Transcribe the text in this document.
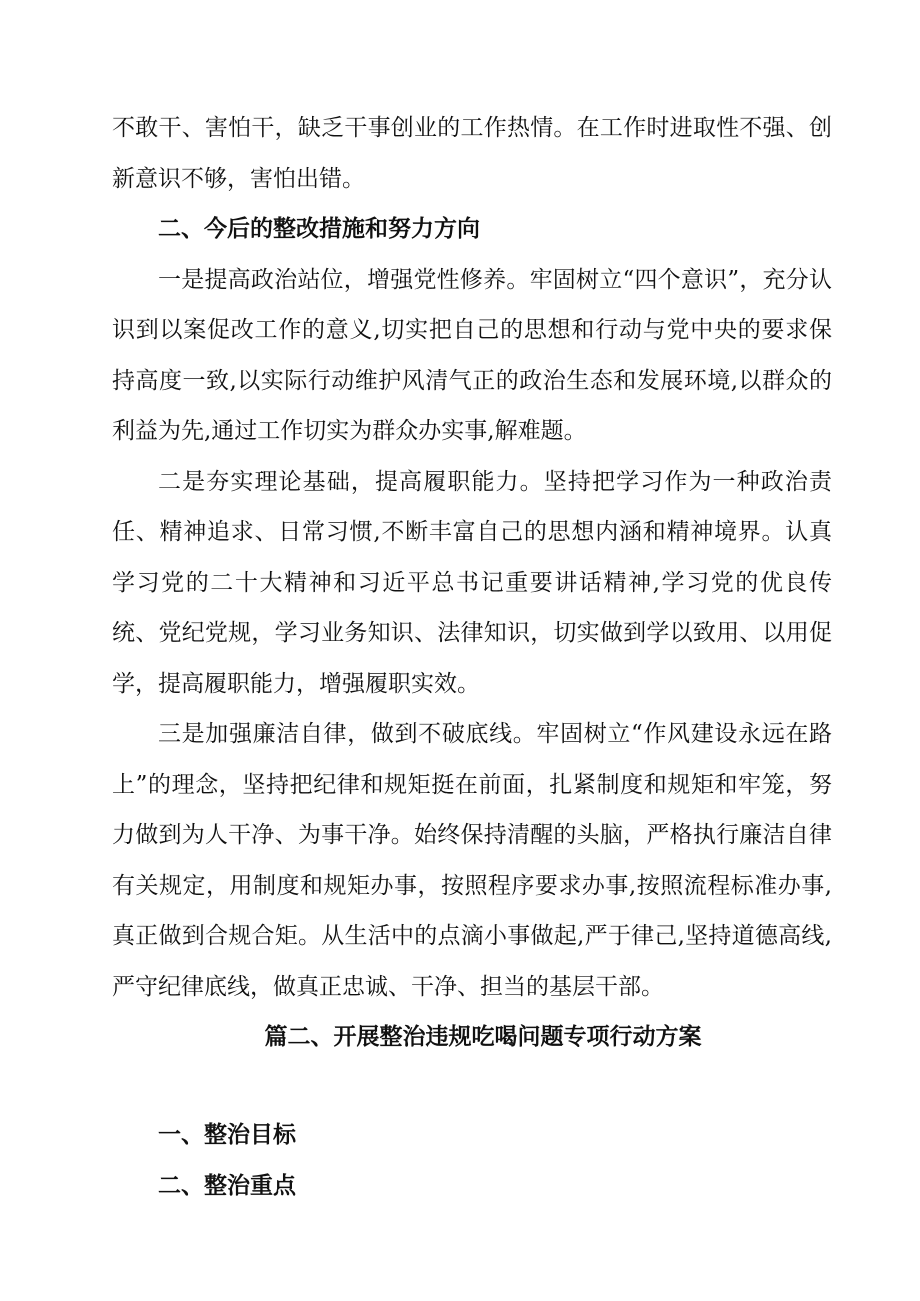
不敢干、害怕干，缺乏干事创业的工作热情。在工作时进取性不强、创新意识不够，害怕出错。

二、今后的整改措施和努力方向

一是提高政治站位，增强党性修养。牢固树立“四个意识”，充分认识到以案促改工作的意义,切实把自己的思想和行动与党中央的要求保持高度一致,以实际行动维护风清气正的政治生态和发展环境,以群众的利益为先,通过工作切实为群众办实事,解难题。

二是夯实理论基础，提高履职能力。坚持把学习作为一种政治责任、精神追求、日常习惯,不断丰富自己的思想内涵和精神境界。认真学习党的二十大精神和习近平总书记重要讲话精神,学习党的优良传统、党纪党规，学习业务知识、法律知识，切实做到学以致用、以用促学，提高履职能力，增强履职实效。

三是加强廉洁自律，做到不破底线。牢固树立“作风建设永远在路上”的理念，坚持把纪律和规矩挺在前面，扎紧制度和规矩和牢笼，努力做到为人干净、为事干净。始终保持清醒的头脑，严格执行廉洁自律有关规定，用制度和规矩办事，按照程序要求办事,按照流程标准办事,真正做到合规合矩。从生活中的点滴小事做起,严于律己,坚持道德高线,严守纪律底线，做真正忠诚、干净、担当的基层干部。

篇二、开展整治违规吃喝问题专项行动方案

一、整治目标

二、整治重点
